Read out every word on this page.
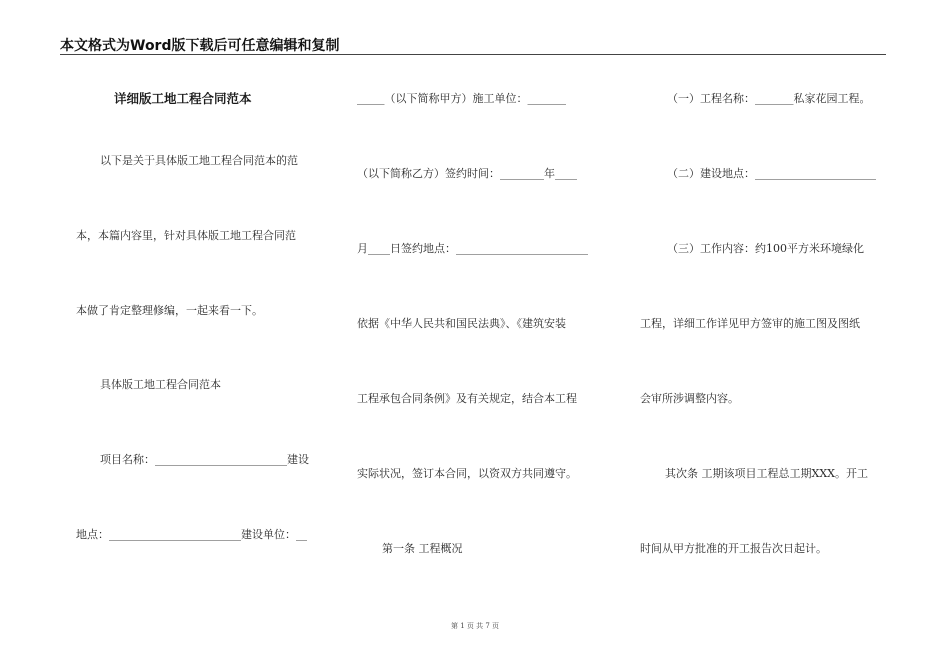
本文格式为Word版下载后可任意编辑和复制
详细版工地工程合同范本
以下是关于具体版工地工程合同范本的范
本，本篇内容里，针对具体版工地工程合同范
本做了肯定整理修编，一起来看一下。
具体版工地工程合同范本
项目名称：________________________建设
地点：________________________建设单位：__
_____（以下简称甲方）施工单位：_______
（以下简称乙方）签约时间：________年____
月____日签约地点：________________________
依据《中华人民共和国民法典》、《建筑安装
工程承包合同条例》及有关规定，结合本工程
实际状况，签订本合同，以资双方共同遵守。
第一条 工程概况
（一）工程名称：_______私家花园工程。
（二）建设地点：______________________
（三）工作内容：约100平方米环境绿化
工程，详细工作详见甲方签审的施工图及图纸
会审所涉调整内容。
其次条 工期该项目工程总工期XXX。开工
时间从甲方批准的开工报告次日起计。
第 1 页 共 7 页
